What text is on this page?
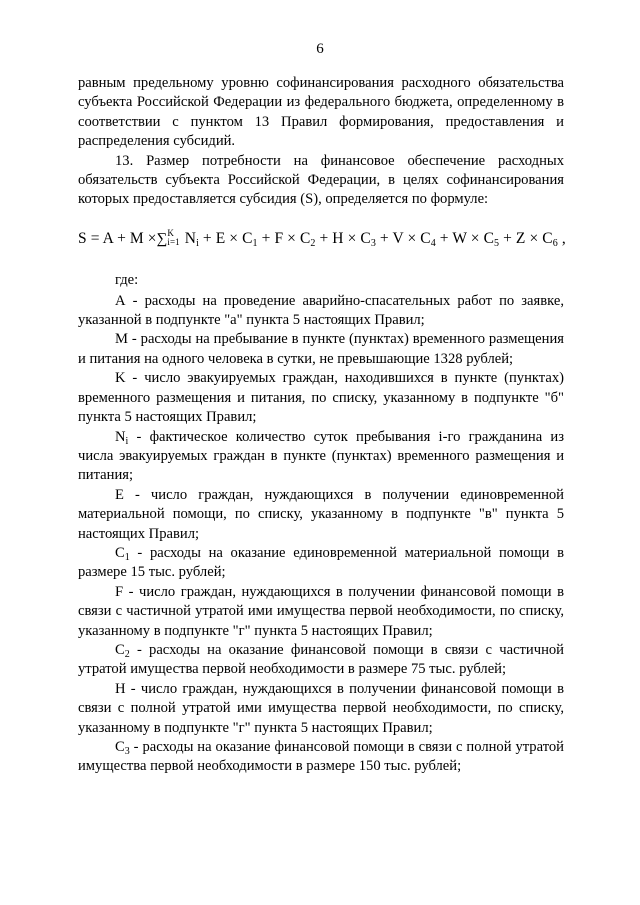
6

равным предельному уровню софинансирования расходного обязательства субъекта Российской Федерации из федерального бюджета, определенному в соответствии с пунктом 13 Правил формирования, предоставления и распределения субсидий.

13. Размер потребности на финансовое обеспечение расходных обязательств субъекта Российской Федерации, в целях софинансирования которых предоставляется субсидия (S), определяется по формуле:

S = A + M ×∑ K
i=1 $N_i + E \times C_1 + F \times C_2 + H \times C_3 + V \times C_4 + W \times C_5 + Z \times C_6$ ,

где:

А - расходы на проведение аварийно-спасательных работ по заявке, указанной в подпункте "а" пункта 5 настоящих Правил;

М - расходы на пребывание в пункте (пунктах) временного размещения и питания на одного человека в сутки, не превышающие 1328 рублей;

K - число эвакуируемых граждан, находившихся в пункте (пунктах) временного размещения и питания, по списку, указанному в подпункте "б" пункта 5 настоящих Правил;

$N_i$ - фактическое количество суток пребывания i-го гражданина из числа эвакуируемых граждан в пункте (пунктах) временного размещения и питания;

Е - число граждан, нуждающихся в получении единовременной материальной помощи, по списку, указанному в подпункте "в" пункта 5 настоящих Правил;

$С_1$ - расходы на оказание единовременной материальной помощи в размере 15 тыс. рублей;

F - число граждан, нуждающихся в получении финансовой помощи в связи с частичной утратой ими имущества первой необходимости, по списку, указанному в подпункте "г" пункта 5 настоящих Правил;

$С_2$ - расходы на оказание финансовой помощи в связи с частичной утратой имущества первой необходимости в размере 75 тыс. рублей;

Н - число граждан, нуждающихся в получении финансовой помощи в связи с полной утратой ими имущества первой необходимости, по списку, указанному в подпункте "г" пункта 5 настоящих Правил;

$С_3$ - расходы на оказание финансовой помощи в связи с полной утратой имущества первой необходимости в размере 150 тыс. рублей;
